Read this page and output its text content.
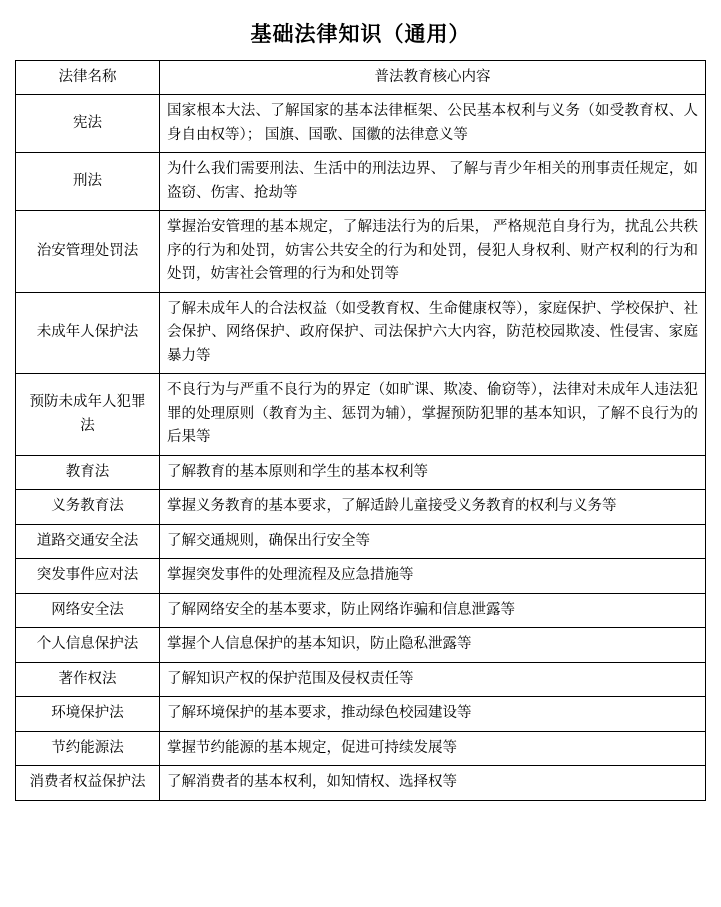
基础法律知识（通用）
法律名称	普法教育核心内容
宪法	国家根本大法、了解国家的基本法律框架、公民基本权利与义务（如受教育权、人身自由权等）； 国旗、国歌、国徽的法律意义等
刑法	为什么我们需要刑法、生活中的刑法边界、 了解与青少年相关的刑事责任规定，如盗窃、伤害、抢劫等
治安管理处罚法	掌握治安管理的基本规定，了解违法行为的后果， 严格规范自身行为，扰乱公共秩序的行为和处罚，妨害公共安全的行为和处罚，侵犯人身权利、财产权利的行为和处罚，妨害社会管理的行为和处罚等
未成年人保护法	了解未成年人的合法权益（如受教育权、生命健康权等），家庭保护、学校保护、社会保护、网络保护、政府保护、司法保护六大内容，防范校园欺凌、性侵害、家庭暴力等
预防未成年人犯罪法	不良行为与严重不良行为的界定（如旷课、欺凌、偷窃等），法律对未成年人违法犯罪的处理原则（教育为主、惩罚为辅），掌握预防犯罪的基本知识，了解不良行为的后果等
教育法	了解教育的基本原则和学生的基本权利等
义务教育法	掌握义务教育的基本要求，了解适龄儿童接受义务教育的权利与义务等
道路交通安全法	了解交通规则，确保出行安全等
突发事件应对法	掌握突发事件的处理流程及应急措施等
网络安全法	了解网络安全的基本要求，防止网络诈骗和信息泄露等
个人信息保护法	掌握个人信息保护的基本知识，防止隐私泄露等
著作权法	了解知识产权的保护范围及侵权责任等
环境保护法	了解环境保护的基本要求，推动绿色校园建设等
节约能源法	掌握节约能源的基本规定，促进可持续发展等
消费者权益保护法	了解消费者的基本权利，如知情权、选择权等
